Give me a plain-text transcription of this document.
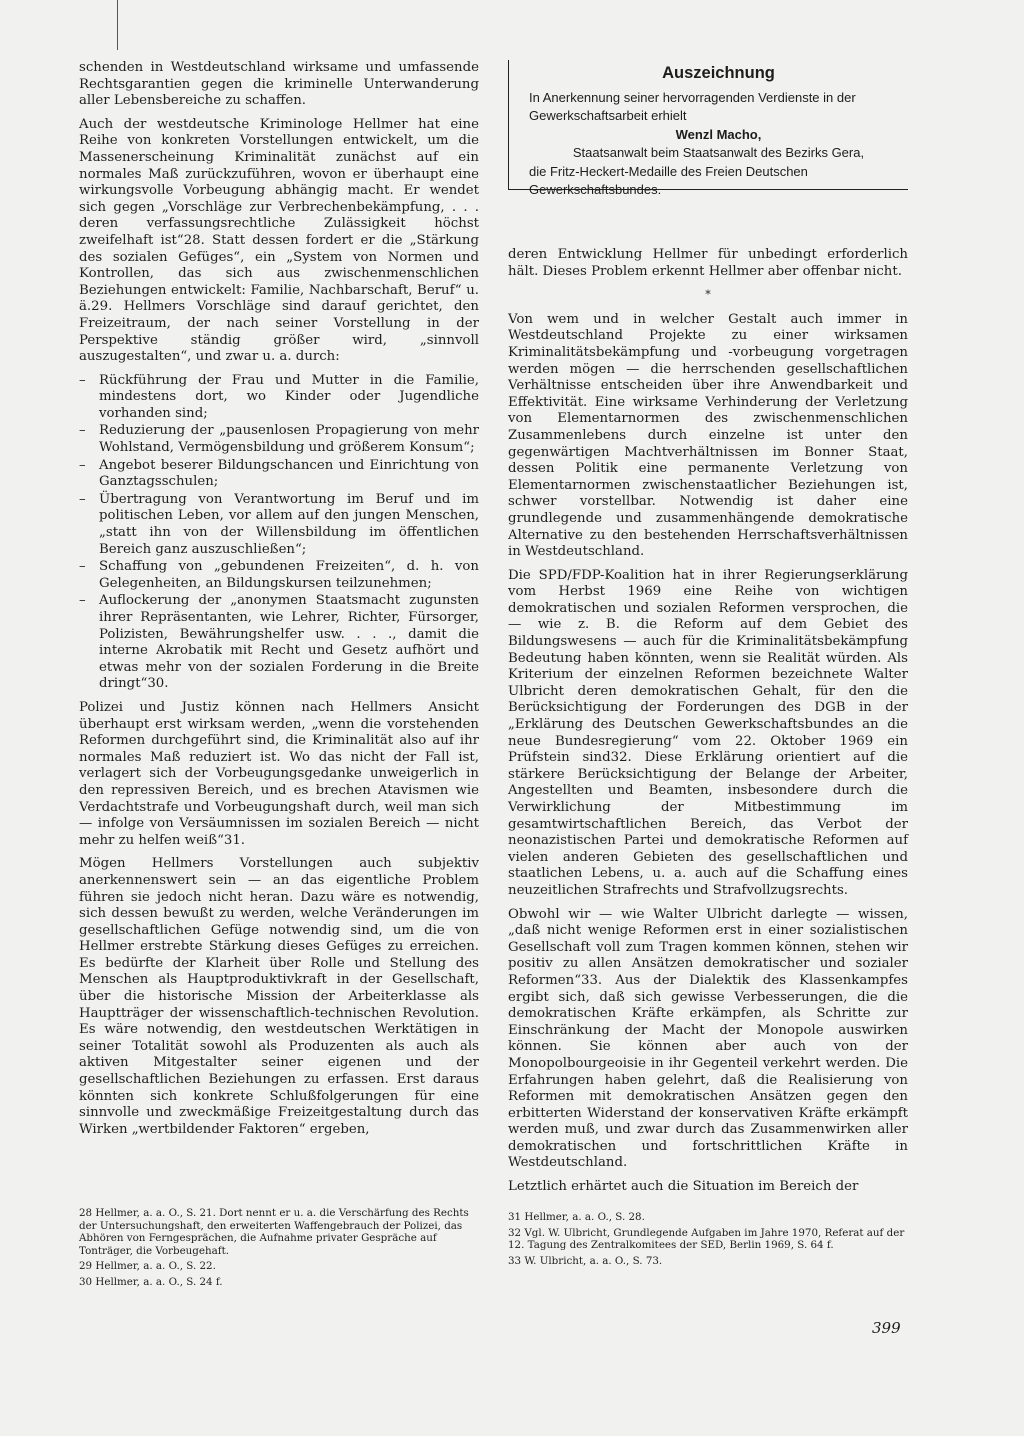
schenden in Westdeutschland wirksame und umfassende Rechtsgarantien gegen die kriminelle Unterwanderung aller Lebensbereiche zu schaffen.

Auch der westdeutsche Kriminologe Hellmer hat eine Reihe von konkreten Vorstellungen entwickelt, um die Massenerscheinung Kriminalität zunächst auf ein normales Maß zurückzuführen, wovon er überhaupt eine wirkungsvolle Vorbeugung abhängig macht. Er wendet sich gegen „Vorschläge zur Verbrechenbekämpfung, . . . deren verfassungsrechtliche Zulässigkeit höchst zweifelhaft ist“28. Statt dessen fordert er die „Stärkung des sozialen Gefüges“, ein „System von Normen und Kontrollen, das sich aus zwischenmenschlichen Beziehungen entwickelt: Familie, Nachbarschaft, Beruf“ u. ä.29. Hellmers Vorschläge sind darauf gerichtet, den Freizeitraum, der nach seiner Vorstellung in der Perspektive ständig größer wird, „sinnvoll auszugestalten“, und zwar u. a. durch:

– Rückführung der Frau und Mutter in die Familie, mindestens dort, wo Kinder oder Jugendliche vorhanden sind;
– Reduzierung der „pausenlosen Propagierung von mehr Wohlstand, Vermögensbildung und größerem Konsum“;
– Angebot beserer Bildungschancen und Einrichtung von Ganztagsschulen;
– Übertragung von Verantwortung im Beruf und im politischen Leben, vor allem auf den jungen Menschen, „statt ihn von der Willensbildung im öffentlichen Bereich ganz auszuschließen“;
– Schaffung von „gebundenen Freizeiten“, d. h. von Gelegenheiten, an Bildungskursen teilzunehmen;
– Auflockerung der „anonymen Staatsmacht zugunsten ihrer Repräsentanten, wie Lehrer, Richter, Fürsorger, Polizisten, Bewährungshelfer usw. . . ., damit die interne Akrobatik mit Recht und Gesetz aufhört und etwas mehr von der sozialen Forderung in die Breite dringt“30.

Polizei und Justiz können nach Hellmers Ansicht überhaupt erst wirksam werden, „wenn die vorstehenden Reformen durchgeführt sind, die Kriminalität also auf ihr normales Maß reduziert ist. Wo das nicht der Fall ist, verlagert sich der Vorbeugungsgedanke unweigerlich in den repressiven Bereich, und es brechen Atavismen wie Verdachtstrafe und Vorbeugungshaft durch, weil man sich — infolge von Versäumnissen im sozialen Bereich — nicht mehr zu helfen weiß“31.

Mögen Hellmers Vorstellungen auch subjektiv anerkennenswert sein — an das eigentliche Problem führen sie jedoch nicht heran. Dazu wäre es notwendig, sich dessen bewußt zu werden, welche Veränderungen im gesellschaftlichen Gefüge notwendig sind, um die von Hellmer erstrebte Stärkung dieses Gefüges zu erreichen. Es bedürfte der Klarheit über Rolle und Stellung des Menschen als Hauptproduktivkraft in der Gesellschaft, über die historische Mission der Arbeiterklasse als Hauptträger der wissenschaftlich-technischen Revolution. Es wäre notwendig, den westdeutschen Werktätigen in seiner Totalität sowohl als Produzenten als auch als aktiven Mitgestalter seiner eigenen und der gesellschaftlichen Beziehungen zu erfassen. Erst daraus könnten sich konkrete Schlußfolgerungen für eine sinnvolle und zweckmäßige Freizeitgestaltung durch das Wirken „wertbildender Faktoren“ ergeben,

Auszeichnung

In Anerkennung seiner hervorragenden Verdienste in der Gewerkschaftsarbeit erhielt

Wenzl Macho,

Staatsanwalt beim Staatsanwalt des Bezirks Gera,

die Fritz-Heckert-Medaille des Freien Deutschen Gewerkschaftsbundes.

deren Entwicklung Hellmer für unbedingt erforderlich hält. Dieses Problem erkennt Hellmer aber offenbar nicht.

*

Von wem und in welcher Gestalt auch immer in Westdeutschland Projekte zu einer wirksamen Kriminalitätsbekämpfung und -vorbeugung vorgetragen werden mögen — die herrschenden gesellschaftlichen Verhältnisse entscheiden über ihre Anwendbarkeit und Effektivität. Eine wirksame Verhinderung der Verletzung von Elementarnormen des zwischenmenschlichen Zusammenlebens durch einzelne ist unter den gegenwärtigen Machtverhältnissen im Bonner Staat, dessen Politik eine permanente Verletzung von Elementarnormen zwischenstaatlicher Beziehungen ist, schwer vorstellbar. Notwendig ist daher eine grundlegende und zusammenhängende demokratische Alternative zu den bestehenden Herrschaftsverhältnissen in Westdeutschland.

Die SPD/FDP-Koalition hat in ihrer Regierungserklärung vom Herbst 1969 eine Reihe von wichtigen demokratischen und sozialen Reformen versprochen, die — wie z. B. die Reform auf dem Gebiet des Bildungswesens — auch für die Kriminalitätsbekämpfung Bedeutung haben könnten, wenn sie Realität würden. Als Kriterium der einzelnen Reformen bezeichnete Walter Ulbricht deren demokratischen Gehalt, für den die Berücksichtigung der Forderungen des DGB in der „Erklärung des Deutschen Gewerkschaftsbundes an die neue Bundesregierung“ vom 22. Oktober 1969 ein Prüfstein sind32. Diese Erklärung orientiert auf die stärkere Berücksichtigung der Belange der Arbeiter, Angestellten und Beamten, insbesondere durch die Verwirklichung der Mitbestimmung im gesamtwirtschaftlichen Bereich, das Verbot der neonazistischen Partei und demokratische Reformen auf vielen anderen Gebieten des gesellschaftlichen und staatlichen Lebens, u. a. auch auf die Schaffung eines neuzeitlichen Strafrechts und Strafvollzugsrechts.

Obwohl wir — wie Walter Ulbricht darlegte — wissen, „daß nicht wenige Reformen erst in einer sozialistischen Gesellschaft voll zum Tragen kommen können, stehen wir positiv zu allen Ansätzen demokratischer und sozialer Reformen“33. Aus der Dialektik des Klassenkampfes ergibt sich, daß sich gewisse Verbesserungen, die die demokratischen Kräfte erkämpfen, als Schritte zur Einschränkung der Macht der Monopole auswirken können. Sie können aber auch von der Monopolbourgeoisie in ihr Gegenteil verkehrt werden. Die Erfahrungen haben gelehrt, daß die Realisierung von Reformen mit demokratischen Ansätzen gegen den erbitterten Widerstand der konservativen Kräfte erkämpft werden muß, und zwar durch das Zusammenwirken aller demokratischen und fortschrittlichen Kräfte in Westdeutschland.

Letztlich erhärtet auch die Situation im Bereich der

28 Hellmer, a. a. O., S. 21. Dort nennt er u. a. die Verschärfung des Rechts der Untersuchungshaft, den erweiterten Waffengebrauch der Polizei, das Abhören von Ferngesprächen, die Aufnahme privater Gespräche auf Tonträger, die Vorbeugehaft.

29 Hellmer, a. a. O., S. 22.

30 Hellmer, a. a. O., S. 24 f.

31 Hellmer, a. a. O., S. 28.

32 Vgl. W. Ulbricht, Grundlegende Aufgaben im Jahre 1970, Referat auf der 12. Tagung des Zentralkomitees der SED, Berlin 1969, S. 64 f.

33 W. Ulbricht, a. a. O., S. 73.

399
